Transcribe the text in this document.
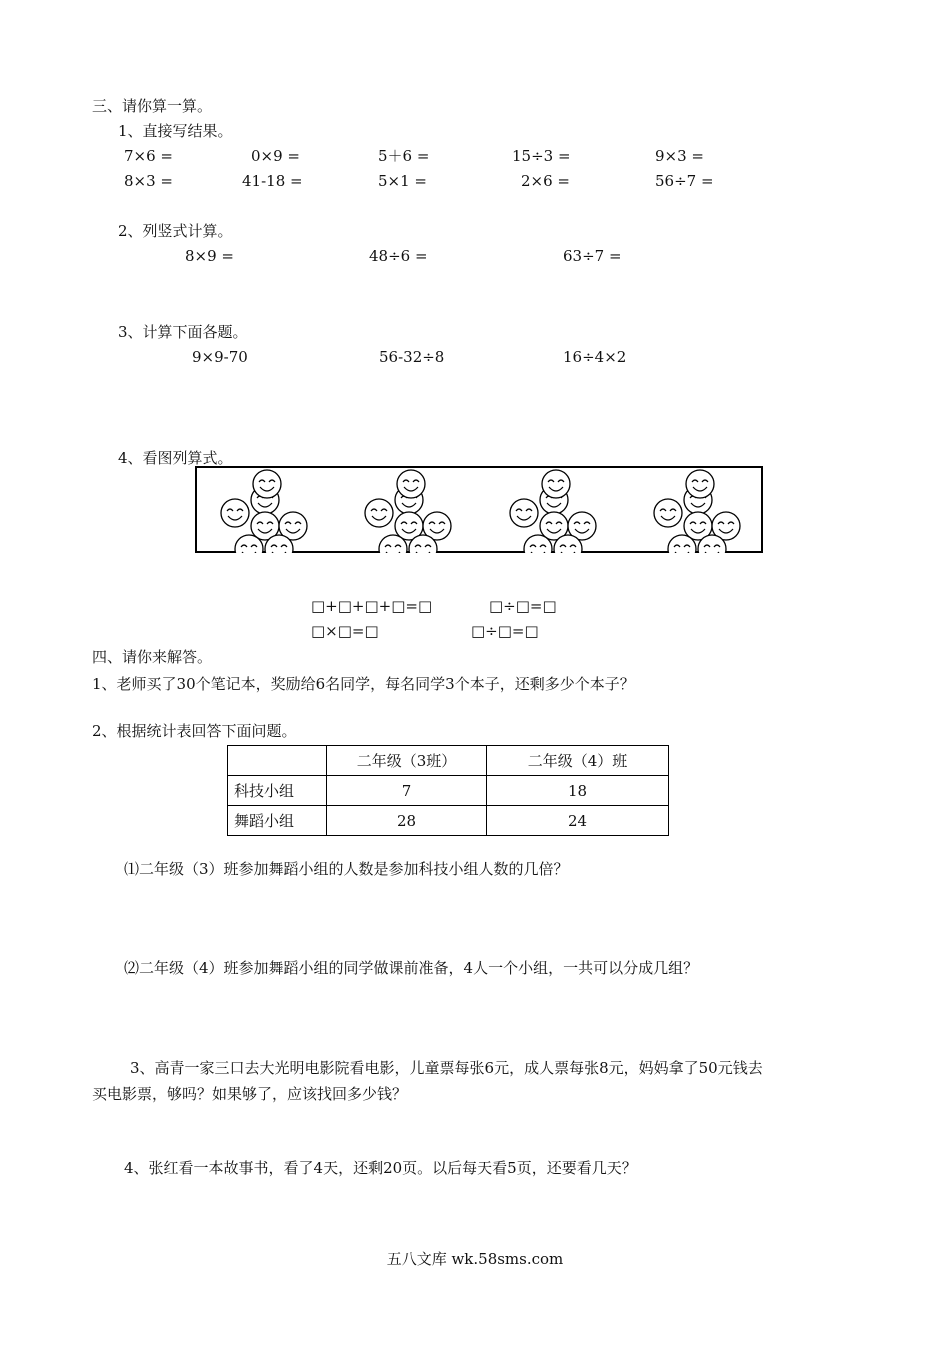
三、请你算一算。
1、直接写结果。
7×6 =	0×9 =	5＋6 =	15÷3 =	9×3 =
8×3 =	41-18 =	5×1 =	2×6 =	56÷7 =
2、列竖式计算。
8×9 =	48÷6 =	63÷7 =
3、计算下面各题。
9×9-70	56-32÷8	16÷4×2
4、看图列算式。
□+□+□+□=□	□÷□=□
□×□=□	□÷□=□
四、请你来解答。
1、老师买了30个笔记本，奖励给6名同学，每名同学3个本子，还剩多少个本子？
2、根据统计表回答下面问题。
	二年级（3班）	二年级（4）班
科技小组	7	18
舞蹈小组	28	24
⑴二年级（3）班参加舞蹈小组的人数是参加科技小组人数的几倍？
⑵二年级（4）班参加舞蹈小组的同学做课前准备，4人一个小组，一共可以分成几组？
3、高青一家三口去大光明电影院看电影，儿童票每张6元，成人票每张8元，妈妈拿了50元钱去
买电影票，够吗？如果够了，应该找回多少钱？
4、张红看一本故事书，看了4天，还剩20页。以后每天看5页，还要看几天？
五八文库 wk.58sms.com
